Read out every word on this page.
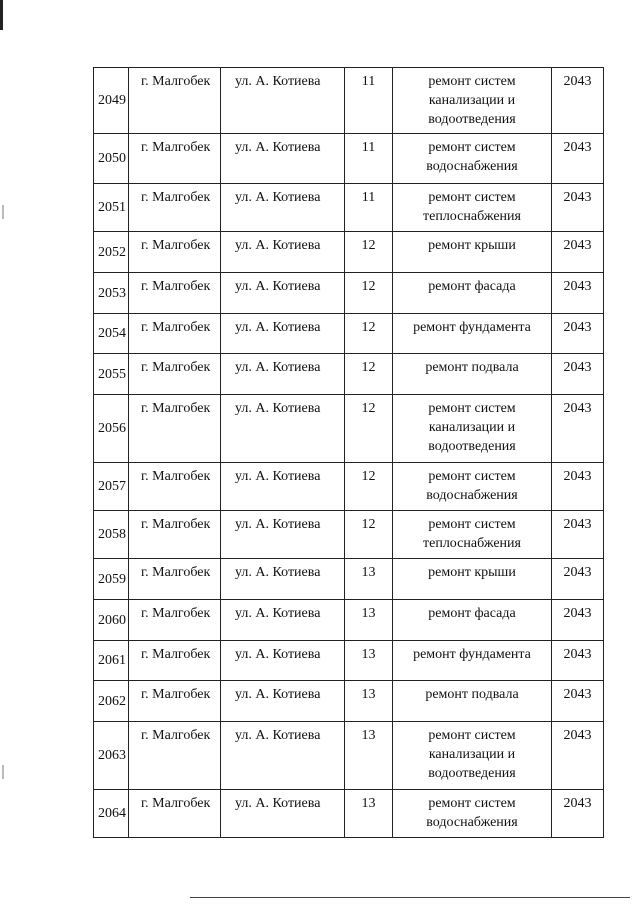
2049	г. Малгобек	ул. А. Котиева	11	ремонт систем канализации и водоотведения	2043
2050	г. Малгобек	ул. А. Котиева	11	ремонт систем водоснабжения	2043
2051	г. Малгобек	ул. А. Котиева	11	ремонт систем теплоснабжения	2043
2052	г. Малгобек	ул. А. Котиева	12	ремонт крыши	2043
2053	г. Малгобек	ул. А. Котиева	12	ремонт фасада	2043
2054	г. Малгобек	ул. А. Котиева	12	ремонт фундамента	2043
2055	г. Малгобек	ул. А. Котиева	12	ремонт подвала	2043
2056	г. Малгобек	ул. А. Котиева	12	ремонт систем канализации и водоотведения	2043
2057	г. Малгобек	ул. А. Котиева	12	ремонт систем водоснабжения	2043
2058	г. Малгобек	ул. А. Котиева	12	ремонт систем теплоснабжения	2043
2059	г. Малгобек	ул. А. Котиева	13	ремонт крыши	2043
2060	г. Малгобек	ул. А. Котиева	13	ремонт фасада	2043
2061	г. Малгобек	ул. А. Котиева	13	ремонт фундамента	2043
2062	г. Малгобек	ул. А. Котиева	13	ремонт подвала	2043
2063	г. Малгобек	ул. А. Котиева	13	ремонт систем канализации и водоотведения	2043
2064	г. Малгобек	ул. А. Котиева	13	ремонт систем водоснабжения	2043
